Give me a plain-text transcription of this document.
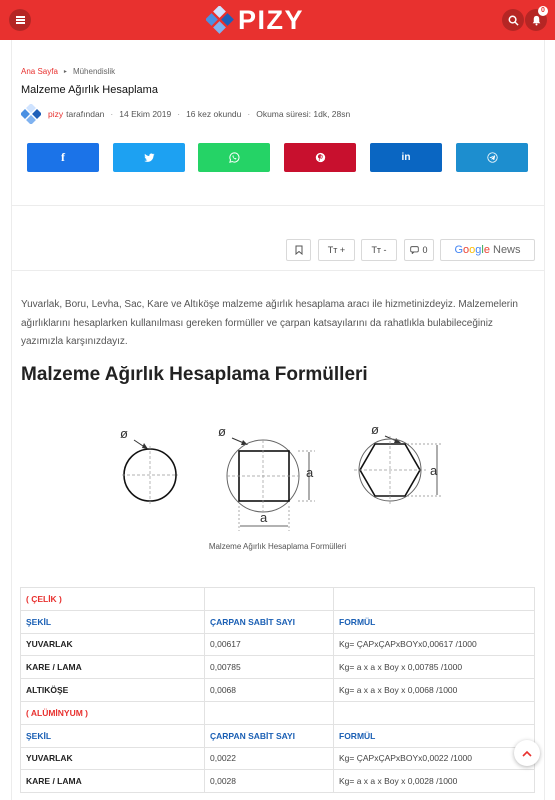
PIZY	0
Ana Sayfa ▸ Mühendislik
Malzeme Ağırlık Hesaplama
pizy tarafından · 14 Ekim 2019 · 16 kez okundu · Okuma süresi: 1dk, 28sn
f	in
Tт +	Tт -	0 Google News

Yuvarlak, Boru, Levha, Sac, Kare ve Altıköşe malzeme ağırlık hesaplama aracı ile hizmetinizdeyiz. Malzemelerin ağırlıklarını hesaplarken kullanılması gereken formüller ve çarpan katsayılarını da rahatlıkla bulabileceğiniz yazımızla karşınızdayız.

Malzeme Ağırlık Hesaplama Formülleri
ø	ø
a
a
ø
a
Malzeme Ağırlık Hesaplama Formülleri
( ÇELİK )		
ŞEKİL	ÇARPAN SABİT SAYI	FORMÜL
YUVARLAK	0,00617	Kg= ÇAPxÇAPxBOYx0,00617 /1000
KARE / LAMA	0,00785	Kg= a x a x Boy x 0,00785 /1000
ALTIKÖŞE	0,0068	Kg= a x a x Boy x 0,0068 /1000
( ALÜMİNYUM )		
ŞEKİL	ÇARPAN SABİT SAYI	FORMÜL
YUVARLAK	0,0022	Kg= ÇAPxÇAPxBOYx0,0022 /1000
KARE / LAMA	0,0028	Kg= a x a x Boy x 0,0028 /1000
